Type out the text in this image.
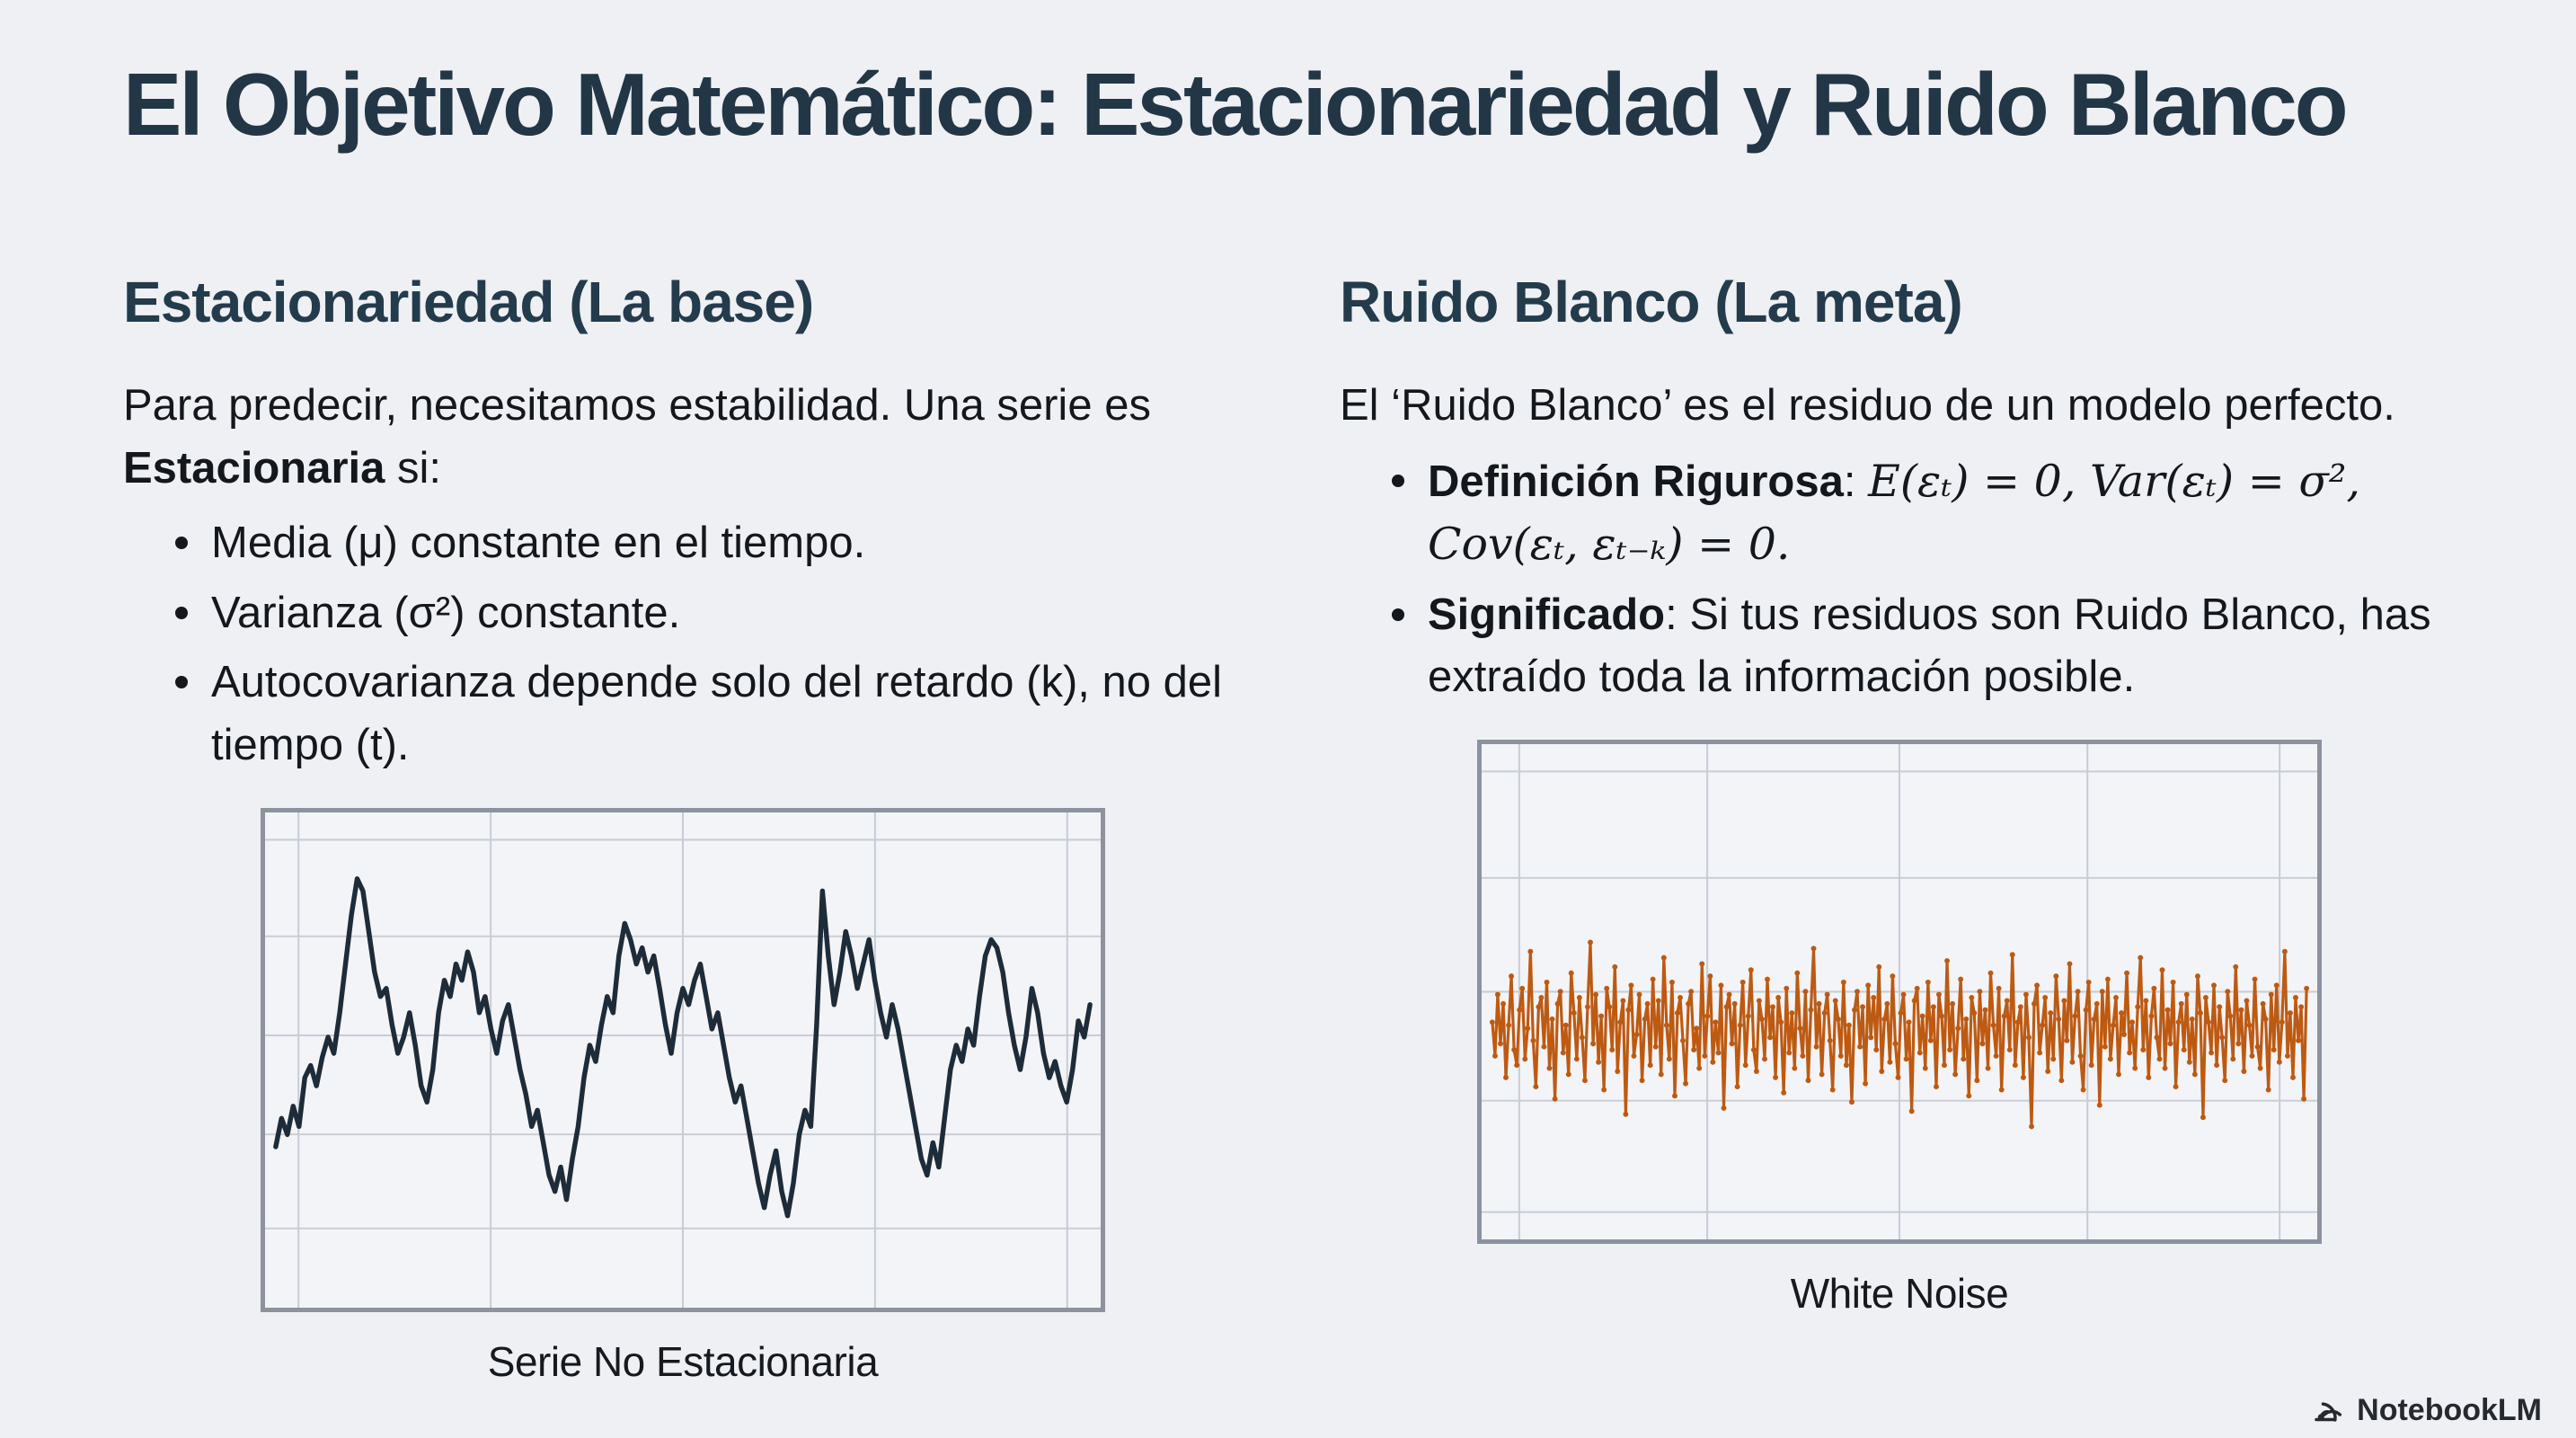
El Objetivo Matemático: Estacionariedad y Ruido Blanco
Estacionariedad (La base)

Para predecir, necesitamos estabilidad. Una serie es Estacionaria si:

Media (μ) constante en el tiempo.
Varianza (σ²) constante.
Autocovarianza depende solo del retardo (k), no del tiempo (t).
Serie No Estacionaria
Ruido Blanco (La meta)

El ‘Ruido Blanco’ es el residuo de un modelo perfecto.

Definición Rigurosa: E(εₜ) = 0, Var(εₜ) = σ², Cov(εₜ, εₜ₋ₖ) = 0.
Significado: Si tus residuos son Ruido Blanco, has extraído toda la información posible.
White Noise
NotebookLM
